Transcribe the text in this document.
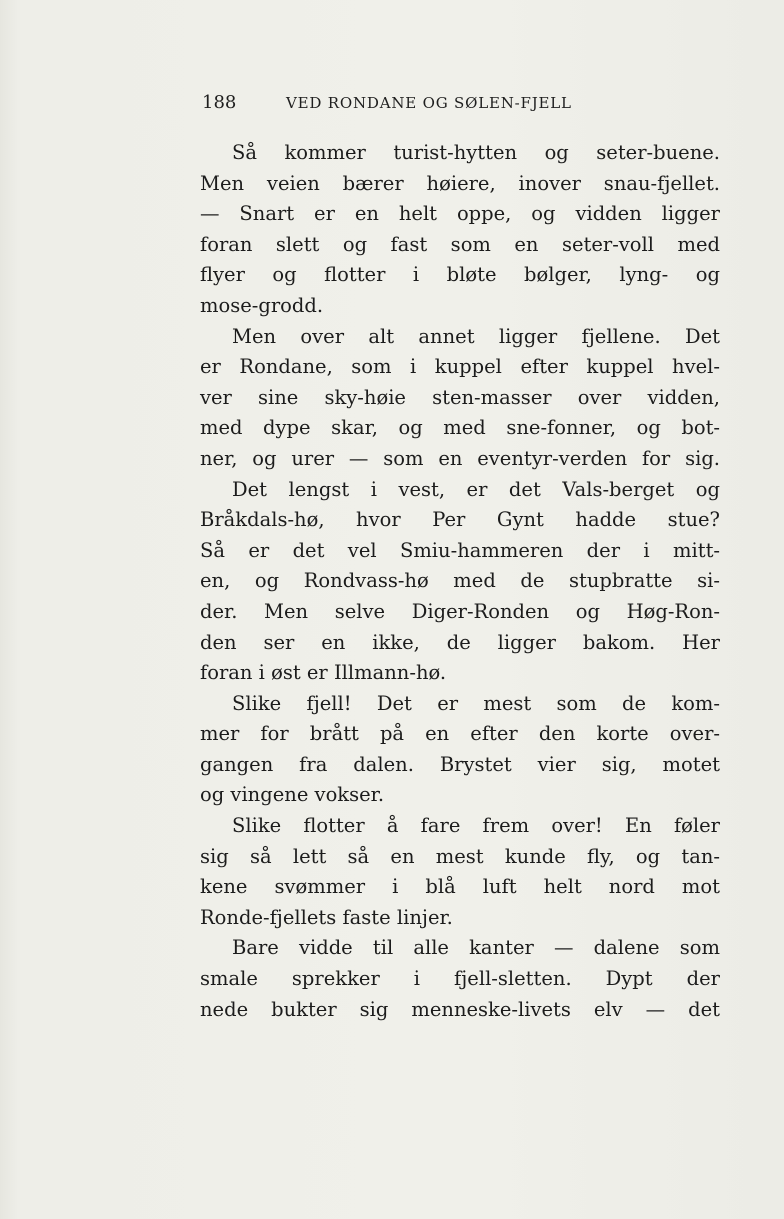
188	VED RONDANE OG SØLEN-FJELL

Så kommer turist-hytten og seter-buene.
Men veien bærer høiere, inover snau-fjellet.
— Snart er en helt oppe, og vidden ligger
foran slett og fast som en seter-voll med
flyer og flotter i bløte bølger, lyng- og
mose-grodd.

Men over alt annet ligger fjellene. Det
er Rondane, som i kuppel efter kuppel hvel-
ver sine sky-høie sten-masser over vidden,
med dype skar, og med sne-fonner, og bot-
ner, og urer — som en eventyr-verden for sig.

Det lengst i vest, er det Vals-berget og
Bråkdals-hø, hvor Per Gynt hadde stue?
Så er det vel Smiu-hammeren der i mitt-
en, og Rondvass-hø med de stupbratte si-
der. Men selve Diger-Ronden og Høg-Ron-
den ser en ikke, de ligger bakom. Her
foran i øst er Illmann-hø.

Slike fjell! Det er mest som de kom-
mer for brått på en efter den korte over-
gangen fra dalen. Brystet vier sig, motet
og vingene vokser.

Slike flotter å fare frem over! En føler
sig så lett så en mest kunde fly, og tan-
kene svømmer i blå luft helt nord mot
Ronde-fjellets faste linjer.

Bare vidde til alle kanter — dalene som
smale sprekker i fjell-sletten. Dypt der
nede bukter sig menneske-livets elv — det
